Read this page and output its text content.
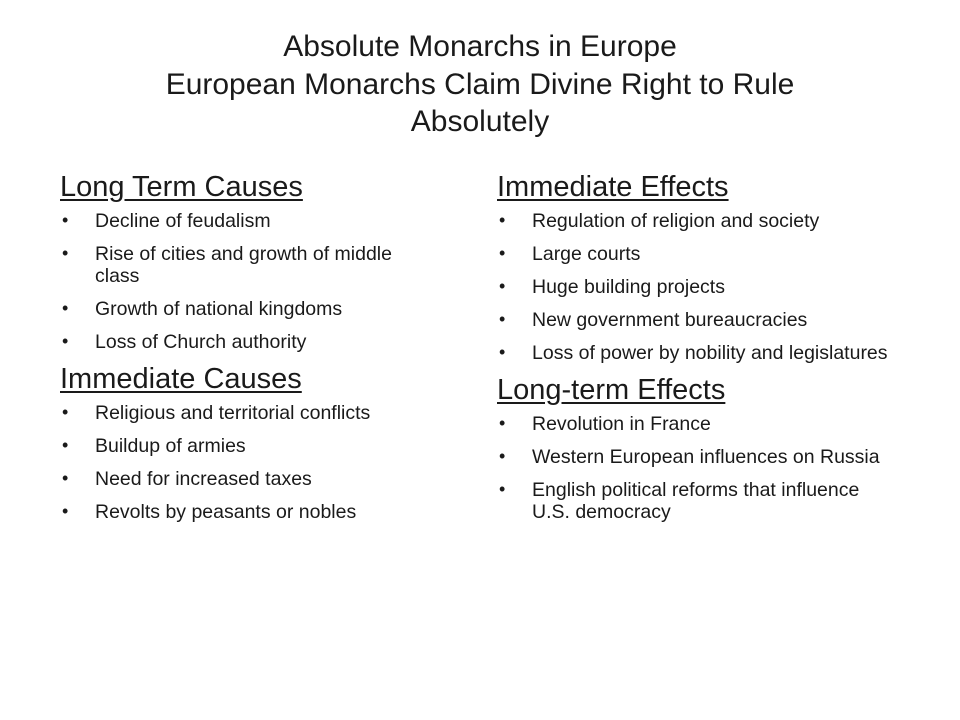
Absolute Monarchs in Europe
European Monarchs Claim Divine Right to Rule
Absolutely
Long Term Causes
• Decline of feudalism
• Rise of cities and growth of middle class
• Growth of national kingdoms
• Loss of Church authority
Immediate Causes
• Religious and territorial conflicts
• Buildup of armies
• Need for increased taxes
• Revolts by peasants or nobles
Immediate Effects
• Regulation of religion and society
• Large courts
• Huge building projects
• New government bureaucracies
• Loss of power by nobility and legislatures
Long-term Effects
• Revolution in France
• Western European influences on Russia
• English political reforms that influence U.S. democracy
